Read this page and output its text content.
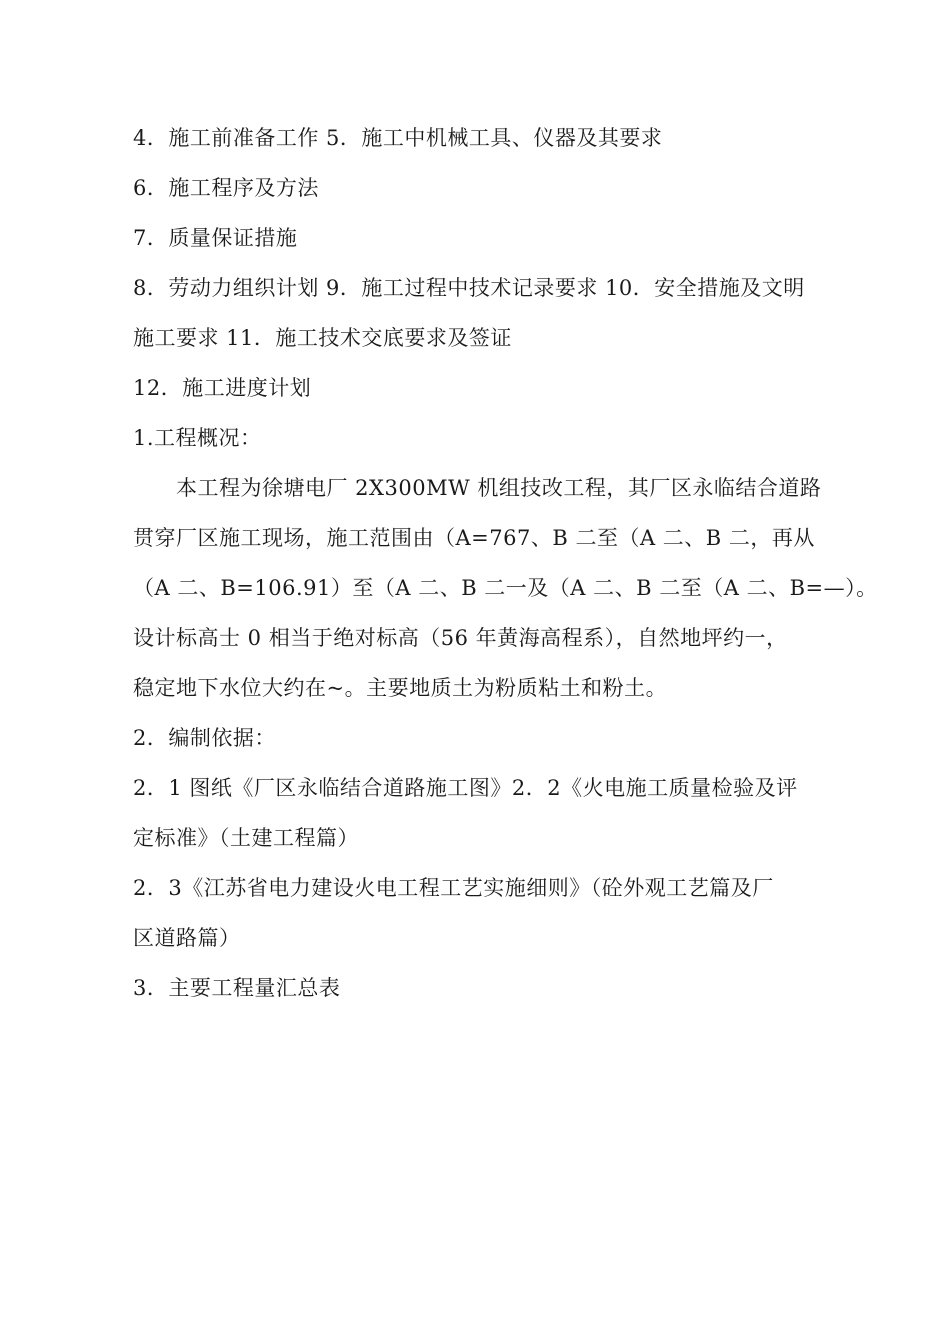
4．施工前准备工作 5．施工中机械工具、仪器及其要求
6．施工程序及方法
7．质量保证措施
8．劳动力组织计划 9．施工过程中技术记录要求 10．安全措施及文明
施工要求 11．施工技术交底要求及签证
12．施工进度计划
1.工程概况：
　　本工程为徐塘电厂 2X300MW 机组技改工程，其厂区永临结合道路
贯穿厂区施工现场，施工范围由（A=767、B 二至（A 二、B 二，再从
（A 二、B=106.91）至（A 二、B 二一及（A 二、B 二至（A 二、B=—）。
设计标高士 0 相当于绝对标高（56 年黄海高程系），自然地坪约一，
稳定地下水位大约在~。主要地质土为粉质粘土和粉土。
2．编制依据：
2．1 图纸《厂区永临结合道路施工图》2．2《火电施工质量检验及评
定标准》（土建工程篇）
2．3《江苏省电力建设火电工程工艺实施细则》（砼外观工艺篇及厂
区道路篇）
3．主要工程量汇总表
